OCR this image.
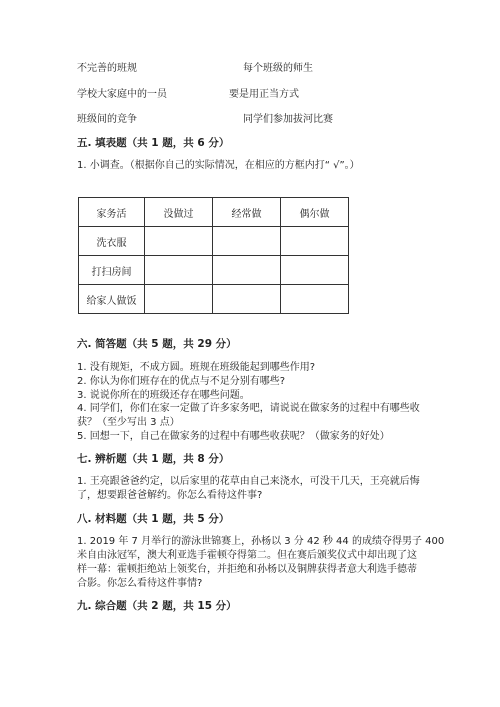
不完善的班规	每个班级的师生
学校大家庭中的一员	要是用正当方式
班级间的竞争	同学们参加拔河比赛
五. 填表题（共 1 题，共 6 分）
1. 小调查。（根据你自己的实际情况，在相应的方框内打“ √”。）
家务活	没做过	经常做	偶尔做
洗衣服			
打扫房间			
给家人做饭			
六. 简答题（共 5 题，共 29 分）
1. 没有规矩，不成方圆。班规在班级能起到哪些作用?
2. 你认为你们班存在的优点与不足分别有哪些?
3. 说说你所在的班级还存在哪些问题。
4. 同学们，你们在家一定做了许多家务吧，请说说在做家务的过程中有哪些收
获？（至少写出 3 点）
5. 回想一下，自己在做家务的过程中有哪些收获呢？（做家务的好处）
七. 辨析题（共 1 题，共 8 分）
1. 王亮跟爸爸约定，以后家里的花草由自己来浇水，可没干几天，王亮就后悔
了，想要跟爸爸解约。你怎么看待这件事?
八. 材料题（共 1 题，共 5 分）
1. 2019 年 7 月举行的游泳世锦赛上，孙杨以 3 分 42 秒 44 的成绩夺得男子 400
米自由泳冠军，澳大利亚选手霍顿夺得第二。但在赛后颁奖仪式中却出现了这
样一幕：霍顿拒绝站上领奖台，并拒绝和孙杨以及铜牌获得者意大利选手德蒂
合影。你怎么看待这件事情?
九. 综合题（共 2 题，共 15 分）
